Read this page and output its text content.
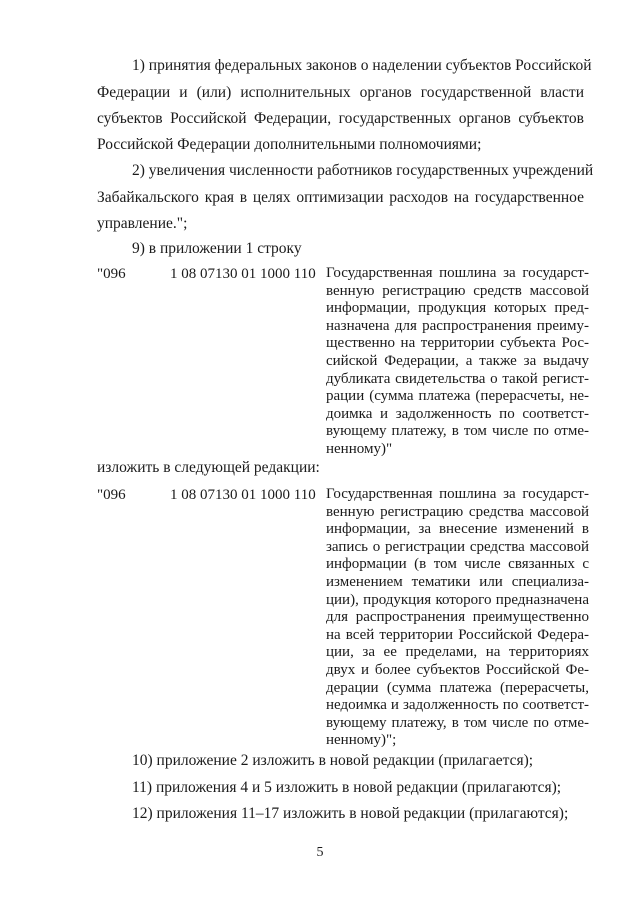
1) принятия федеральных законов о наделении субъектов Российской
Федерации и (или) исполнительных органов государственной власти
субъектов Российской Федерации, государственных органов субъектов
Российской Федерации дополнительными полномочиями;
2) увеличения численности работников государственных учреждений
Забайкальского края в целях оптимизации расходов на государственное
управление.";
9) в приложении 1 строку
"096	1 08 07130 01 1000 110 Государственная пошлина за государст-
венную регистрацию средств массовой
информации, продукция которых пред-
назначена для распространения преиму-
щественно на территории субъекта Рос-
сийской Федерации, а также за выдачу
дубликата свидетельства о такой регист-
рации (сумма платежа (перерасчеты, не-
доимка и задолженность по соответст-
вующему платежу, в том числе по отме-
ненному)"
изложить в следующей редакции:
"096	1 08 07130 01 1000 110 Государственная пошлина за государст-
венную регистрацию средства массовой
информации, за внесение изменений в
запись о регистрации средства массовой
информации (в том числе связанных с
изменением тематики или специализа-
ции), продукция которого предназначена
для распространения преимущественно
на всей территории Российской Федера-
ции, за ее пределами, на территориях
двух и более субъектов Российской Фе-
дерации (сумма платежа (перерасчеты,
недоимка и задолженность по соответст-
вующему платежу, в том числе по отме-
ненному)";
10) приложение 2 изложить в новой редакции (прилагается);
11) приложения 4 и 5 изложить в новой редакции (прилагаются);
12) приложения 11–17 изложить в новой редакции (прилагаются);
5
